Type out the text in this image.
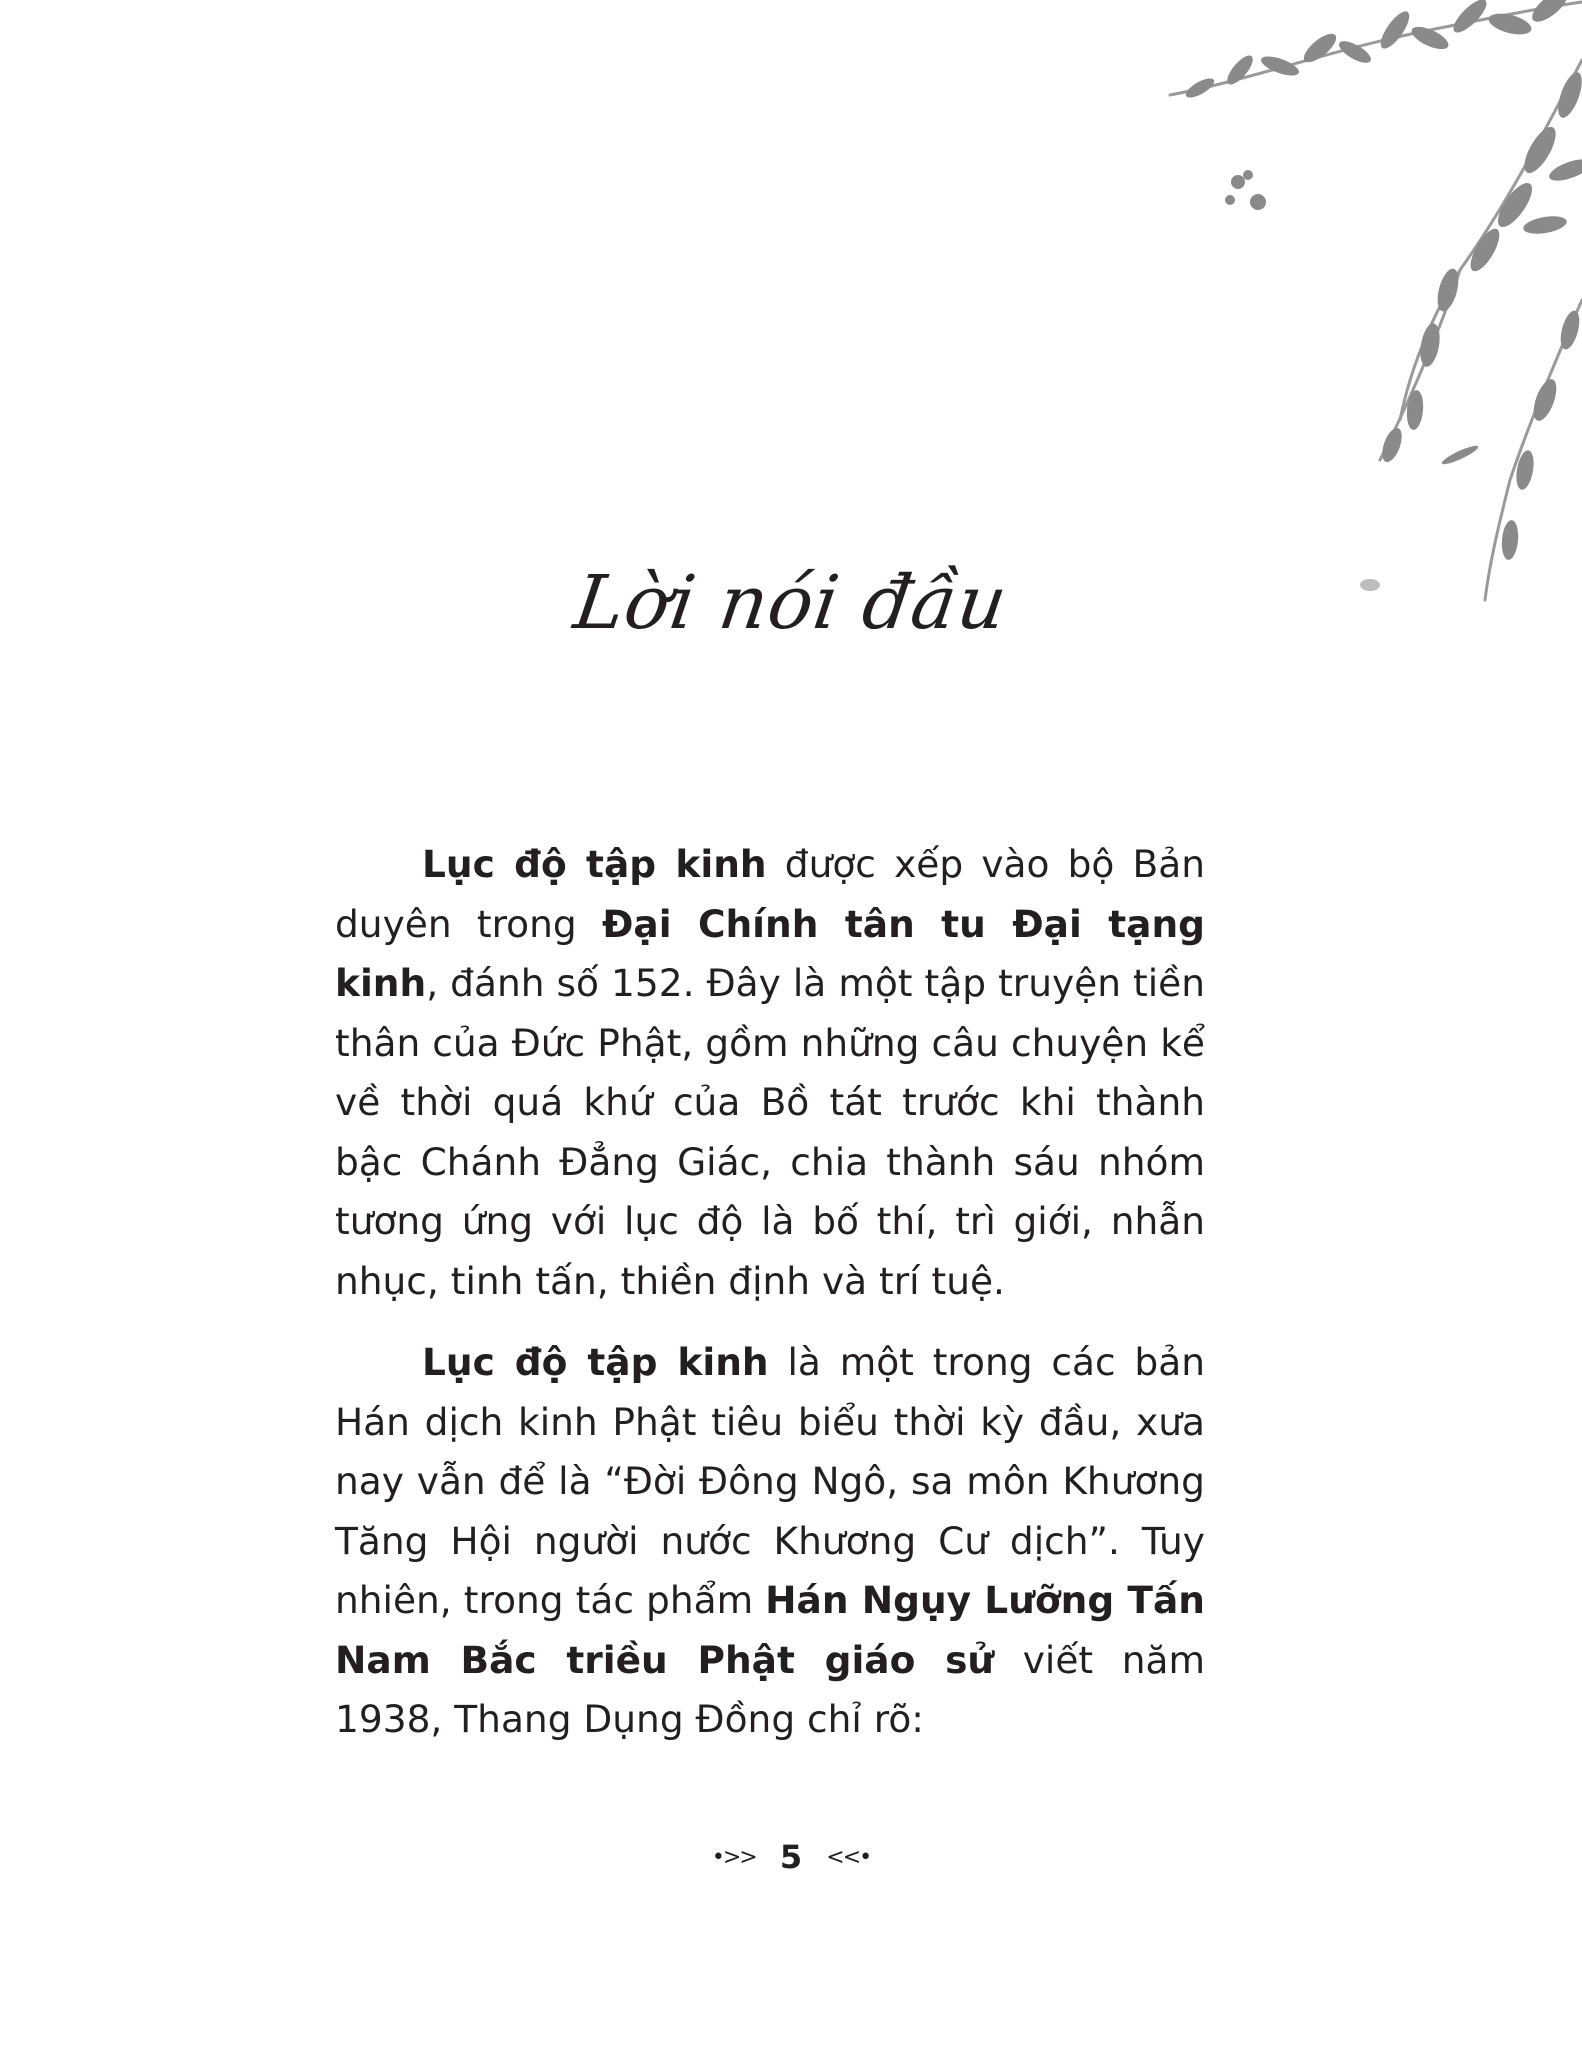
Lời nói đầu

Lục độ tập kinh được xếp vào bộ Bản duyên trong Đại Chính tân tu Đại tạng kinh, đánh số 152. Đây là một tập truyện tiền thân của Đức Phật, gồm những câu chuyện kể về thời quá khứ của Bồ tát trước khi thành bậc Chánh Đẳng Giác, chia thành sáu nhóm tương ứng với lục độ là bố thí, trì giới, nhẫn nhục, tinh tấn, thiền định và trí tuệ.

Lục độ tập kinh là một trong các bản Hán dịch kinh Phật tiêu biểu thời kỳ đầu, xưa nay vẫn để là “Đời Đông Ngô, sa môn Khương Tăng Hội người nước Khương Cư dịch”. Tuy nhiên, trong tác phẩm Hán Ngụy Lưỡng Tấn Nam Bắc triều Phật giáo sử viết năm 1938, Thang Dụng Đồng chỉ rõ:

•>> 5 <<•
